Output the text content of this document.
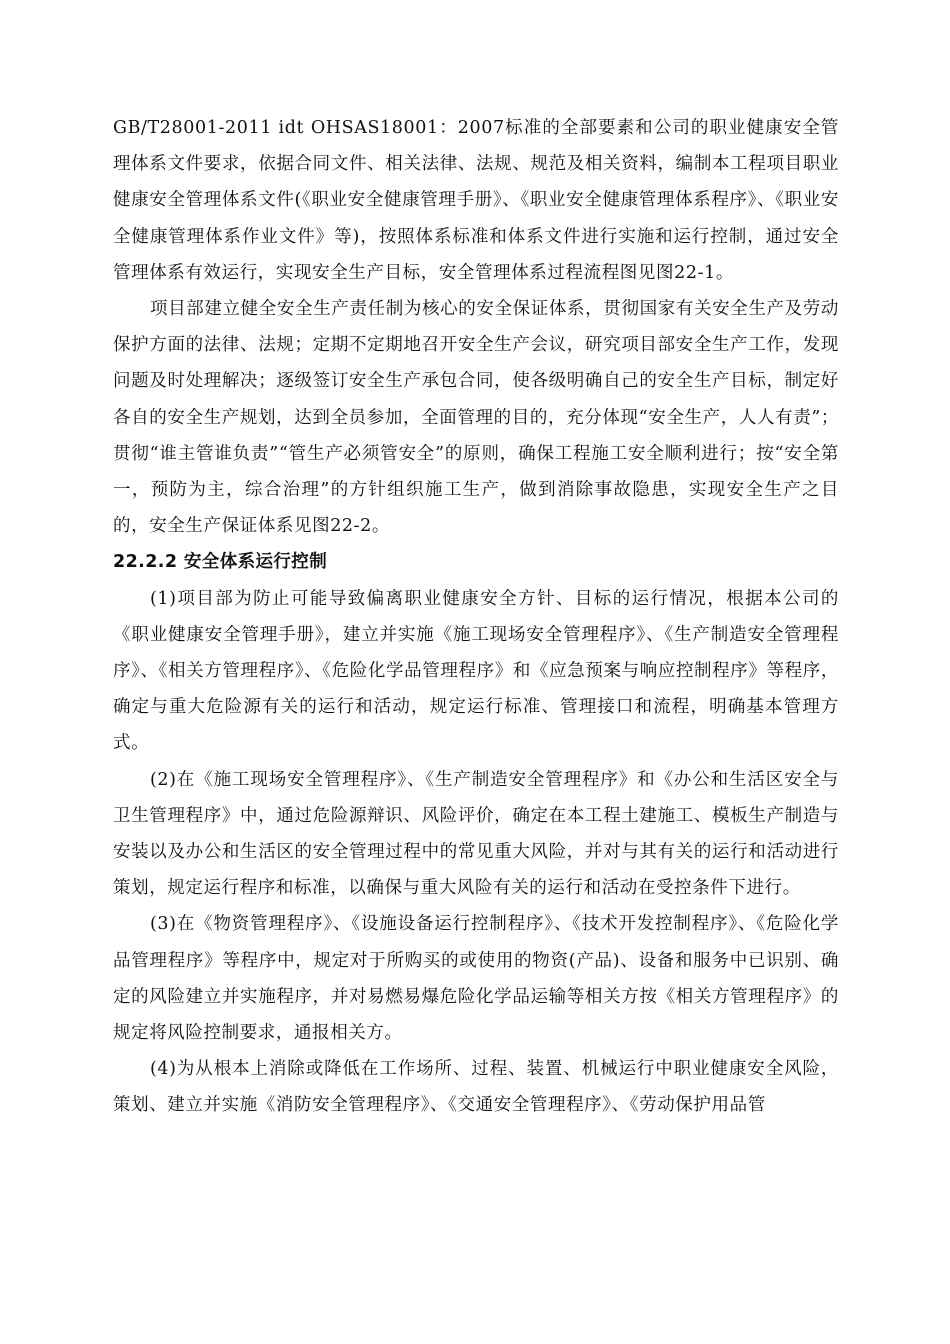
GB/T28001-2011 idt OHSAS18001：2007标准的全部要素和公司的职业健康安全管理体系文件要求，依据合同文件、相关法律、法规、规范及相关资料，编制本工程项目职业健康安全管理体系文件(《职业安全健康管理手册》、《职业安全健康管理体系程序》、《职业安全健康管理体系作业文件》等)，按照体系标准和体系文件进行实施和运行控制，通过安全管理体系有效运行，实现安全生产目标，安全管理体系过程流程图见图22-1。

项目部建立健全安全生产责任制为核心的安全保证体系，贯彻国家有关安全生产及劳动保护方面的法律、法规；定期不定期地召开安全生产会议，研究项目部安全生产工作，发现问题及时处理解决；逐级签订安全生产承包合同，使各级明确自己的安全生产目标，制定好各自的安全生产规划，达到全员参加，全面管理的目的，充分体现“安全生产，人人有责”；贯彻“谁主管谁负责”“管生产必须管安全”的原则，确保工程施工安全顺利进行；按“安全第一，预防为主，综合治理”的方针组织施工生产，做到消除事故隐患，实现安全生产之目的，安全生产保证体系见图22-2。

22.2.2 安全体系运行控制

(1)项目部为防止可能导致偏离职业健康安全方针、目标的运行情况，根据本公司的《职业健康安全管理手册》，建立并实施《施工现场安全管理程序》、《生产制造安全管理程序》、《相关方管理程序》、《危险化学品管理程序》和《应急预案与响应控制程序》等程序，确定与重大危险源有关的运行和活动，规定运行标准、管理接口和流程，明确基本管理方式。

(2)在《施工现场安全管理程序》、《生产制造安全管理程序》和《办公和生活区安全与卫生管理程序》中，通过危险源辩识、风险评价，确定在本工程土建施工、模板生产制造与安装以及办公和生活区的安全管理过程中的常见重大风险，并对与其有关的运行和活动进行策划，规定运行程序和标准，以确保与重大风险有关的运行和活动在受控条件下进行。

(3)在《物资管理程序》、《设施设备运行控制程序》、《技术开发控制程序》、《危险化学品管理程序》等程序中，规定对于所购买的或使用的物资(产品)、设备和服务中已识别、确定的风险建立并实施程序，并对易燃易爆危险化学品运输等相关方按《相关方管理程序》的规定将风险控制要求，通报相关方。

(4)为从根本上消除或降低在工作场所、过程、装置、机械运行中职业健康安全风险，策划、建立并实施《消防安全管理程序》、《交通安全管理程序》、《劳动保护用品管
